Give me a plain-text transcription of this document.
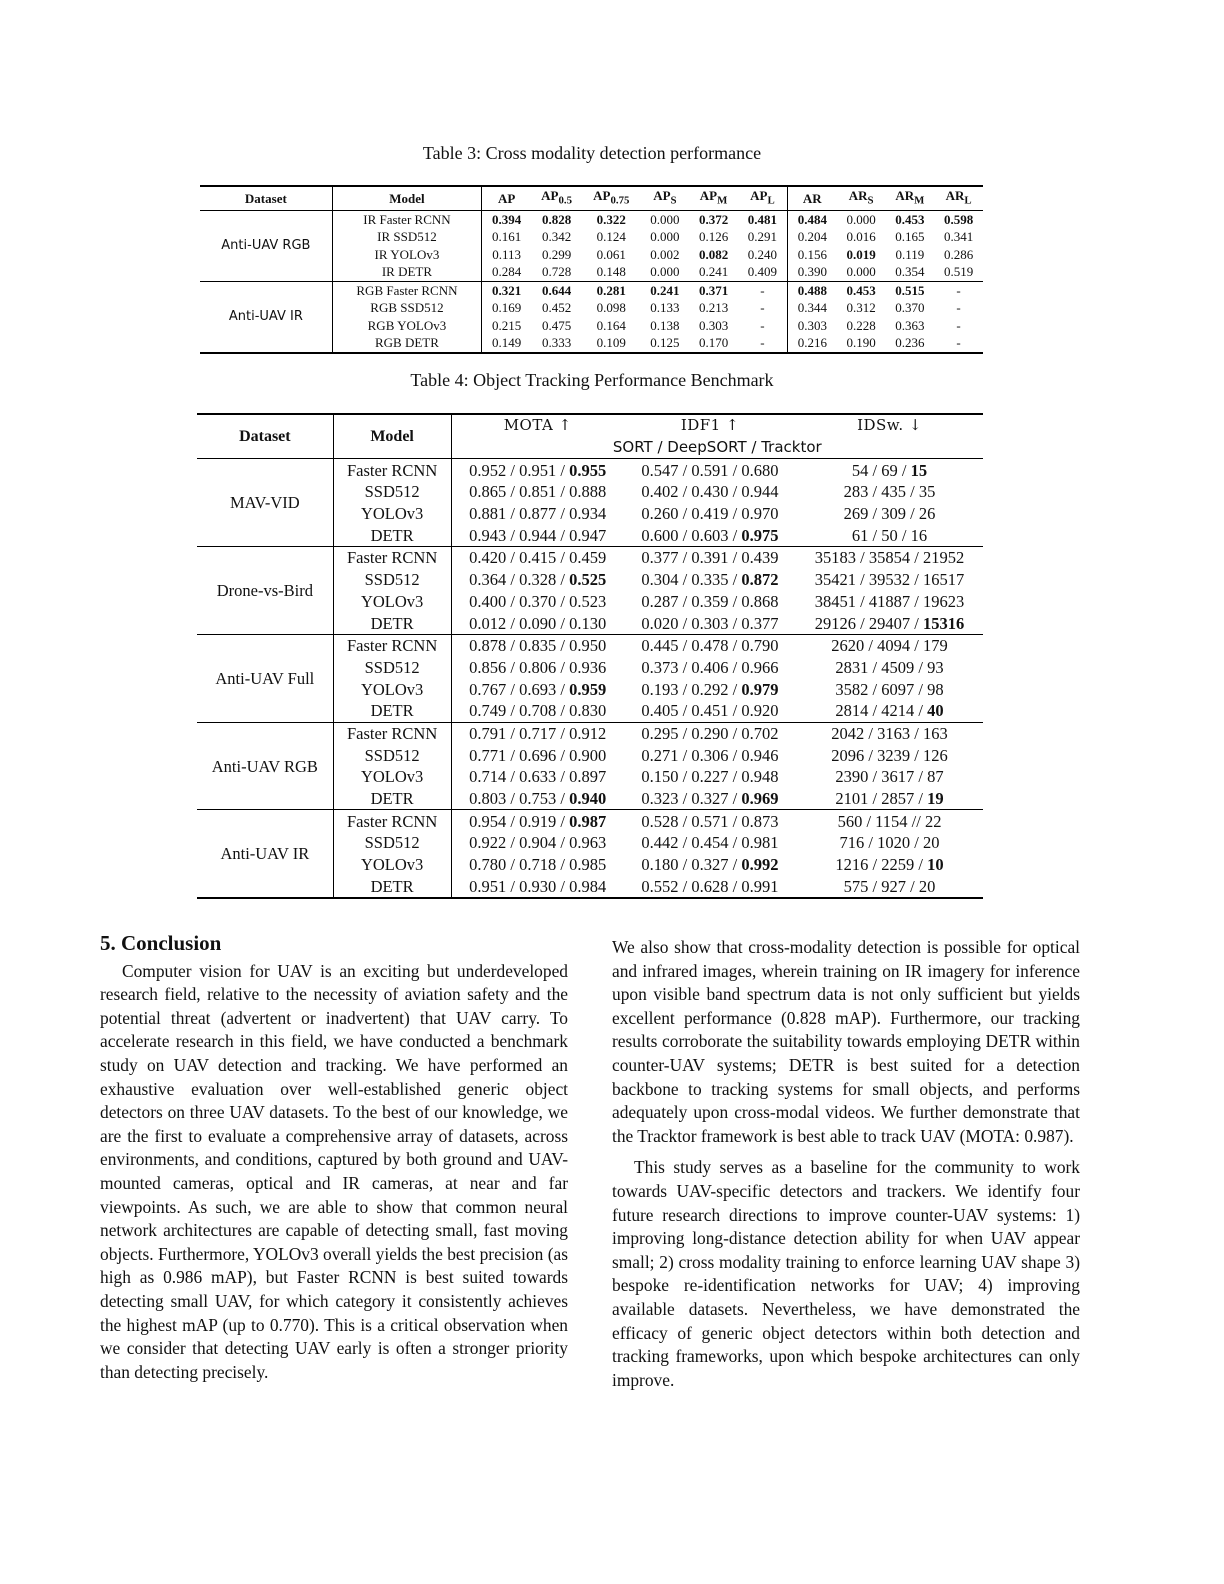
Table 3: Cross modality detection performance
Dataset	Model	AP	$AP_{0.5}$	$AP_{0.75}$	$AP_S$	$AP_M$	$AP_L$	AR	$AR_S$	$AR_M$	$AR_L$
Anti-UAV RGB	IR Faster RCNN	0.394	0.828	0.322	0.000	0.372	0.481	0.484	0.000	0.453	0.598
	IR SSD512	0.161	0.342	0.124	0.000	0.126	0.291	0.204	0.016	0.165	0.341
	IR YOLOv3	0.113	0.299	0.061	0.002	0.082	0.240	0.156	0.019	0.119	0.286
	IR DETR	0.284	0.728	0.148	0.000	0.241	0.409	0.390	0.000	0.354	0.519
Anti-UAV IR	RGB Faster RCNN	0.321	0.644	0.281	0.241	0.371	-	0.488	0.453	0.515	-
	RGB SSD512	0.169	0.452	0.098	0.133	0.213	-	0.344	0.312	0.370	-
	RGB YOLOv3	0.215	0.475	0.164	0.138	0.303	-	0.303	0.228	0.363	-
	RGB DETR	0.149	0.333	0.109	0.125	0.170	-	0.216	0.190	0.236	-
Table 4: Object Tracking Performance Benchmark
Dataset	Model	MOTA ↑	IDF1 ↑	IDSw. ↓
		SORT / DeepSORT / Tracktor		
MAV-VID	Faster RCNN	0.952 / 0.951 / 0.955	0.547 / 0.591 / 0.680	54 / 69 / 15
	SSD512	0.865 / 0.851 / 0.888	0.402 / 0.430 / 0.944	283 / 435 / 35
	YOLOv3	0.881 / 0.877 / 0.934	0.260 / 0.419 / 0.970	269 / 309 / 26
	DETR	0.943 / 0.944 / 0.947	0.600 / 0.603 / 0.975	61 / 50 / 16
Drone-vs-Bird	Faster RCNN	0.420 / 0.415 / 0.459	0.377 / 0.391 / 0.439	35183 / 35854 / 21952
	SSD512	0.364 / 0.328 / 0.525	0.304 / 0.335 / 0.872	35421 / 39532 / 16517
	YOLOv3	0.400 / 0.370 / 0.523	0.287 / 0.359 / 0.868	38451 / 41887 / 19623
	DETR	0.012 / 0.090 / 0.130	0.020 / 0.303 / 0.377	29126 / 29407 / 15316
Anti-UAV Full	Faster RCNN	0.878 / 0.835 / 0.950	0.445 / 0.478 / 0.790	2620 / 4094 / 179
	SSD512	0.856 / 0.806 / 0.936	0.373 / 0.406 / 0.966	2831 / 4509 / 93
	YOLOv3	0.767 / 0.693 / 0.959	0.193 / 0.292 / 0.979	3582 / 6097 / 98
	DETR	0.749 / 0.708 / 0.830	0.405 / 0.451 / 0.920	2814 / 4214 / 40
Anti-UAV RGB	Faster RCNN	0.791 / 0.717 / 0.912	0.295 / 0.290 / 0.702	2042 / 3163 / 163
	SSD512	0.771 / 0.696 / 0.900	0.271 / 0.306 / 0.946	2096 / 3239 / 126
	YOLOv3	0.714 / 0.633 / 0.897	0.150 / 0.227 / 0.948	2390 / 3617 / 87
	DETR	0.803 / 0.753 / 0.940	0.323 / 0.327 / 0.969	2101 / 2857 / 19
Anti-UAV IR	Faster RCNN	0.954 / 0.919 / 0.987	0.528 / 0.571 / 0.873	560 / 1154 // 22
	SSD512	0.922 / 0.904 / 0.963	0.442 / 0.454 / 0.981	716 / 1020 / 20
	YOLOv3	0.780 / 0.718 / 0.985	0.180 / 0.327 / 0.992	1216 / 2259 / 10
	DETR	0.951 / 0.930 / 0.984	0.552 / 0.628 / 0.991	575 / 927 / 20
5. Conclusion

Computer vision for UAV is an exciting but underdeveloped research field, relative to the necessity of aviation safety and the potential threat (advertent or inadvertent) that UAV carry. To accelerate research in this field, we have conducted a benchmark study on UAV detection and tracking. We have performed an exhaustive evaluation over well-established generic object detectors on three UAV datasets. To the best of our knowledge, we are the first to evaluate a comprehensive array of datasets, across environments, and conditions, captured by both ground and UAV-mounted cameras, optical and IR cameras, at near and far viewpoints. As such, we are able to show that common neural network architectures are capable of detecting small, fast moving objects. Furthermore, YOLOv3 overall yields the best precision (as high as 0.986 mAP), but Faster RCNN is best suited towards detecting small UAV, for which category it consistently achieves the highest mAP (up to 0.770). This is a critical observation when we consider that detecting UAV early is often a stronger priority than detecting precisely.

We also show that cross-modality detection is possible for optical and infrared images, wherein training on IR imagery for inference upon visible band spectrum data is not only sufficient but yields excellent performance (0.828 mAP). Furthermore, our tracking results corroborate the suitability towards employing DETR within counter-UAV systems; DETR is best suited for a detection backbone to tracking systems for small objects, and performs adequately upon cross-modal videos. We further demonstrate that the Tracktor framework is best able to track UAV (MOTA: 0.987).

This study serves as a baseline for the community to work towards UAV-specific detectors and trackers. We identify four future research directions to improve counter-UAV systems: 1) improving long-distance detection ability for when UAV appear small; 2) cross modality training to enforce learning UAV shape 3) bespoke re-identification networks for UAV; 4) improving available datasets. Nevertheless, we have demonstrated the efficacy of generic object detectors within both detection and tracking frameworks, upon which bespoke architectures can only improve.
